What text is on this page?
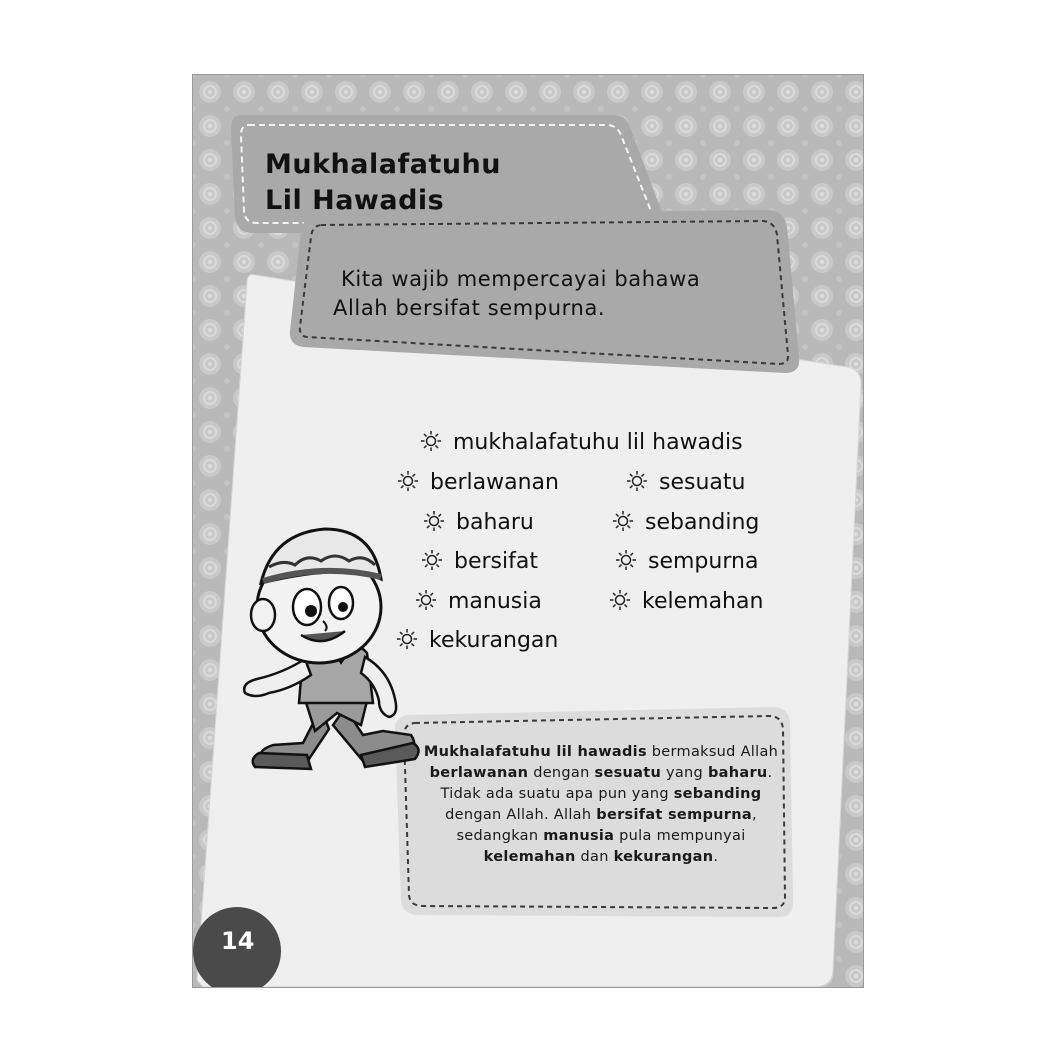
Mukhalafatuhu
Lil Hawadis
Kita wajib mempercayai bahawa
Allah bersifat sempurna.
mukhalafatuhu lil hawadis
berlawanan	sesuatu
baharu	sebanding
bersifat	sempurna
manusia	kelemahan
kekurangan
Mukhalafatuhu lil hawadis bermaksud Allah berlawanan dengan sesuatu yang baharu. Tidak ada suatu apa pun yang sebanding dengan Allah. Allah bersifat sempurna, sedangkan manusia pula mempunyai kelemahan dan kekurangan.
14
